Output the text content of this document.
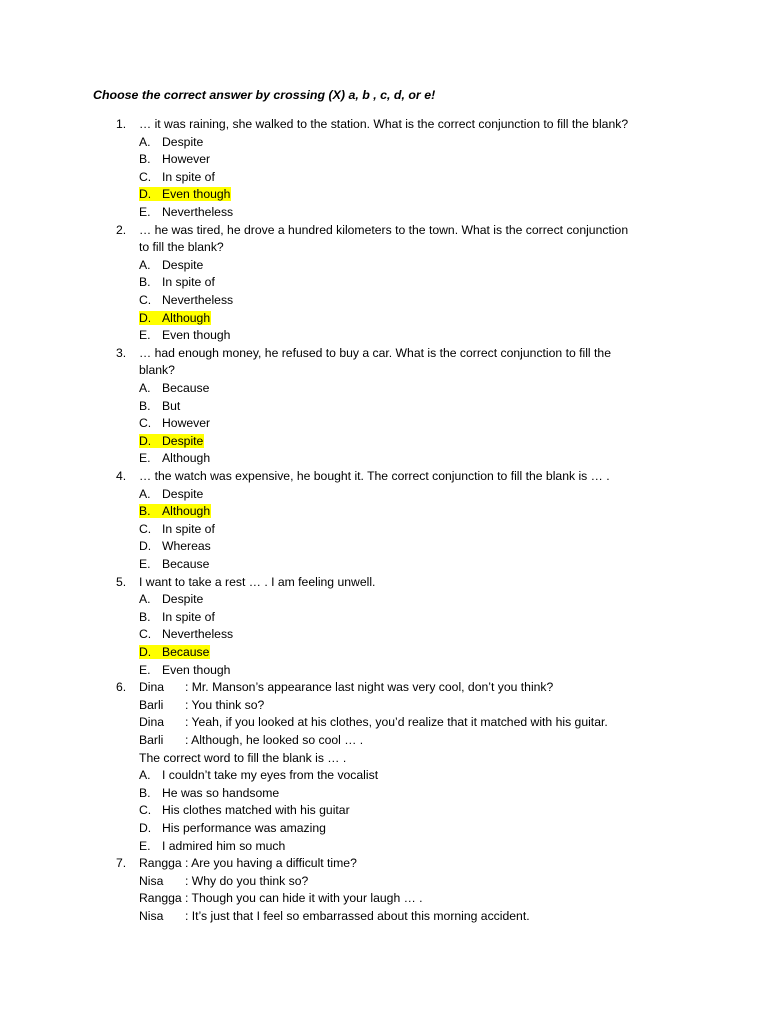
Choose the correct answer by crossing (X) a, b , c, d, or e!
1. … it was raining, she walked to the station. What is the correct conjunction to fill the blank?
A. Despite
B. However
C. In spite of
D. Even though
E. Nevertheless
2. … he was tired, he drove a hundred kilometers to the town. What is the correct conjunction
to fill the blank?
A. Despite
B. In spite of
C. Nevertheless
D. Although
E. Even though
3. … had enough money, he refused to buy a car. What is the correct conjunction to fill the
blank?
A. Because
B. But
C. However
D. Despite
E. Although
4. … the watch was expensive, he bought it. The correct conjunction to fill the blank is … .
A. Despite
B. Although
C. In spite of
D. Whereas
E. Because
5. I want to take a rest … . I am feeling unwell.
A. Despite
B. In spite of
C. Nevertheless
D. Because
E. Even though
6. Dina : Mr. Manson’s appearance last night was very cool, don’t you think?
Barli : You think so?
Dina : Yeah, if you looked at his clothes, you’d realize that it matched with his guitar.
Barli : Although, he looked so cool … .
The correct word to fill the blank is … .
A. I couldn’t take my eyes from the vocalist
B. He was so handsome
C. His clothes matched with his guitar
D. His performance was amazing
E. I admired him so much
7. Rangga : Are you having a difficult time?
Nisa : Why do you think so?
Rangga : Though you can hide it with your laugh … .
Nisa : It’s just that I feel so embarrassed about this morning accident.
